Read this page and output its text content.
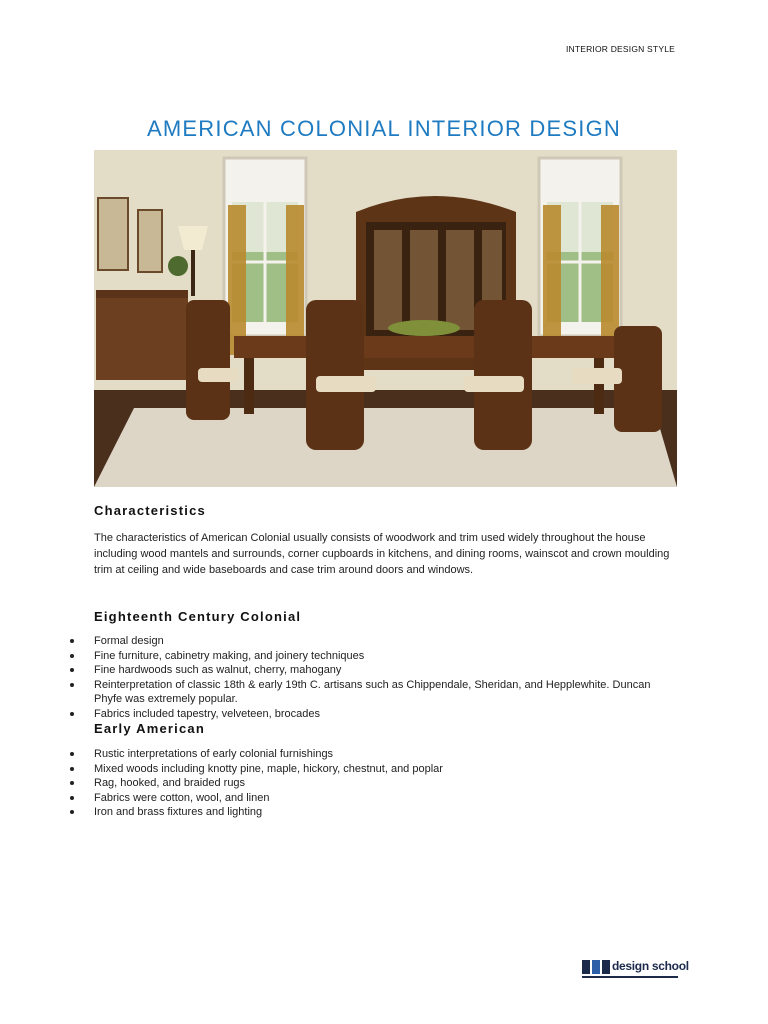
INTERIOR DESIGN STYLE
AMERICAN COLONIAL INTERIOR DESIGN
Characteristics

The characteristics of American Colonial usually consists of woodwork and trim used widely throughout the house including wood mantels and surrounds, corner cupboards in kitchens, and dining rooms, wainscot and crown moulding trim at ceiling and wide baseboards and case trim around doors and windows.

Eighteenth Century Colonial
Formal design
Fine furniture, cabinetry making, and joinery techniques
Fine hardwoods such as walnut, cherry, mahogany
Reinterpretation of classic 18th & early 19th C. artisans such as Chippendale, Sheridan, and Hepplewhite. Duncan Phyfe was extremely popular.
Fabrics included tapestry, velveteen, brocades
Early American
Rustic interpretations of early colonial furnishings
Mixed woods including knotty pine, maple, hickory, chestnut, and poplar
Rag, hooked, and braided rugs
Fabrics were cotton, wool, and linen
Iron and brass fixtures and lighting
design school
